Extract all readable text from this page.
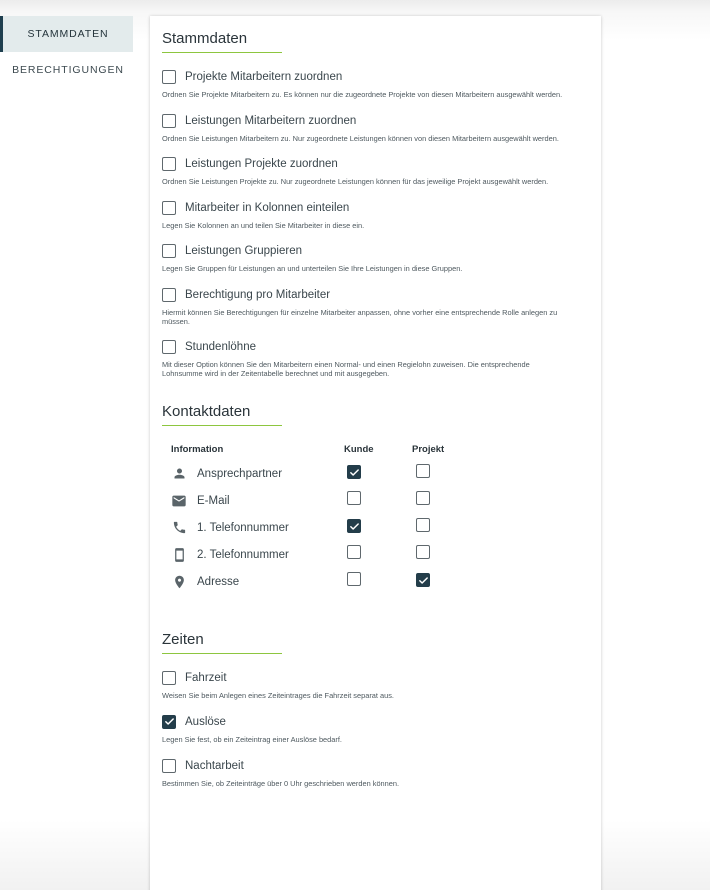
STAMMDATEN
BERECHTIGUNGEN
Stammdaten
Projekte Mitarbeitern zuordnen
Ordnen Sie Projekte Mitarbeitern zu. Es können nur die zugeordnete Projekte von diesen Mitarbeitern ausgewählt werden.
Leistungen Mitarbeitern zuordnen
Ordnen Sie Leistungen Mitarbeitern zu. Nur zugeordnete Leistungen können von diesen Mitarbeitern ausgewählt werden.
Leistungen Projekte zuordnen
Ordnen Sie Leistungen Projekte zu. Nur zugeordnete Leistungen können für das jeweilige Projekt ausgewählt werden.
Mitarbeiter in Kolonnen einteilen
Legen Sie Kolonnen an und teilen Sie Mitarbeiter in diese ein.
Leistungen Gruppieren
Legen Sie Gruppen für Leistungen an und unterteilen Sie Ihre Leistungen in diese Gruppen.
Berechtigung pro Mitarbeiter
Hiermit können Sie Berechtigungen für einzelne Mitarbeiter anpassen, ohne vorher eine entsprechende Rolle anlegen zu müssen.
Stundenlöhne
Mit dieser Option können Sie den Mitarbeitern einen Normal- und einen Regielohn zuweisen. Die entsprechende Lohnsumme wird in der Zeitentabelle berechnet und mit ausgegeben.
Kontaktdaten
Information	Kunde	Projekt
Ansprechpartner
E-Mail
1. Telefonnummer
2. Telefonnummer
Adresse
Zeiten
Fahrzeit
Weisen Sie beim Anlegen eines Zeiteintrages die Fahrzeit separat aus.
Auslöse
Legen Sie fest, ob ein Zeiteintrag einer Auslöse bedarf.
Nachtarbeit
Bestimmen Sie, ob Zeiteinträge über 0 Uhr geschrieben werden können.
